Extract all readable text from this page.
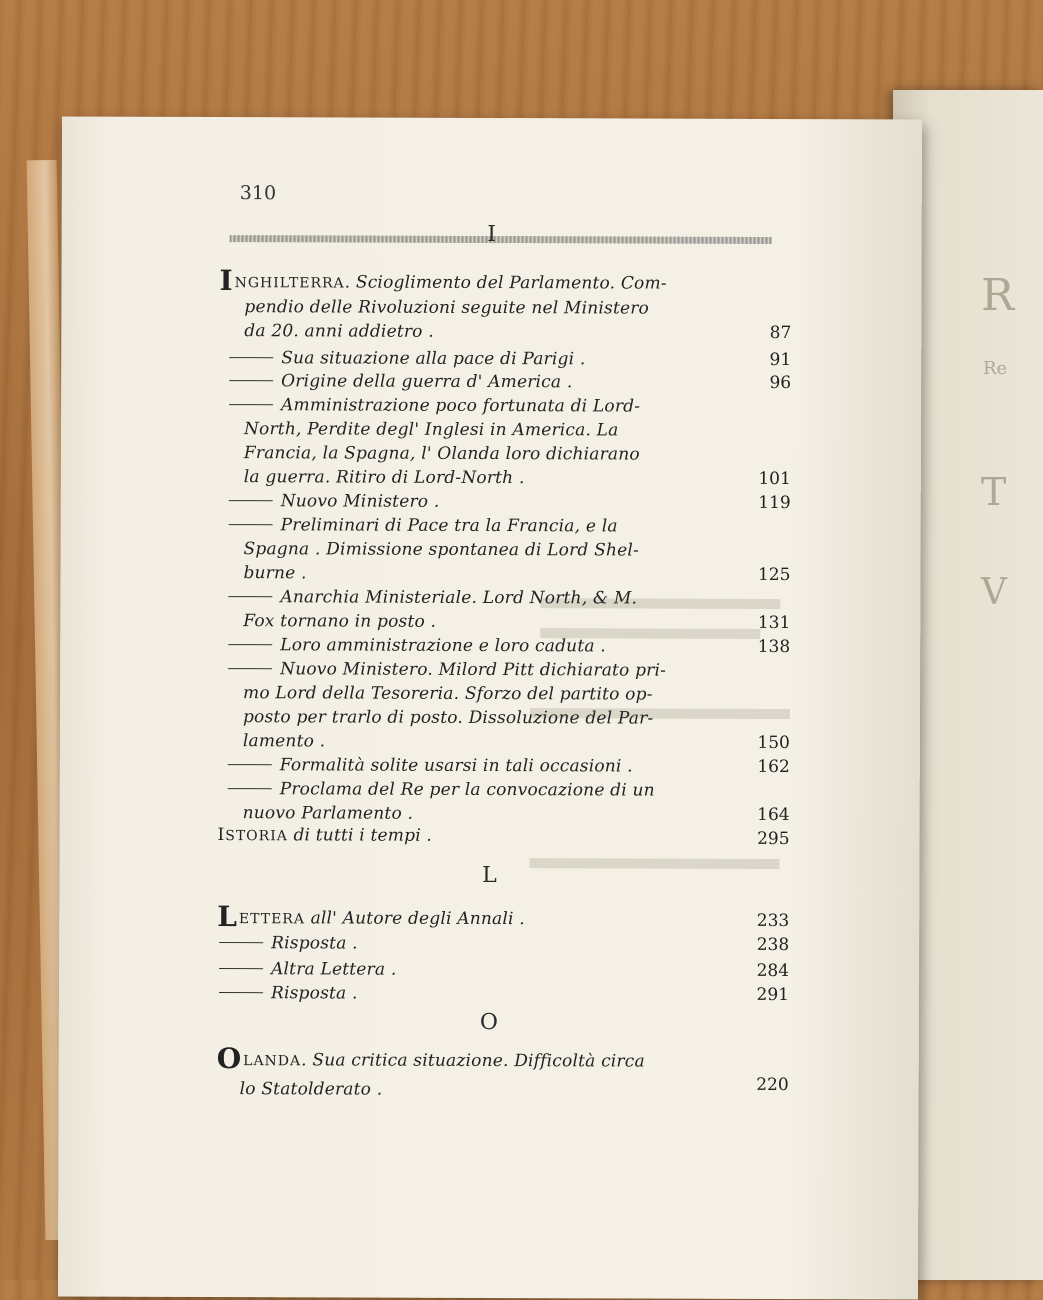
R
Re
T
V
310
I
INGHILTERRA. Scioglimento del Parlamento. Com-
pendio delle Rivoluzioni seguite nel Ministero
da 20. anni addietro .	87
Sua situazione alla pace di Parigi .	91
Origine della guerra d' America .	96
Amministrazione poco fortunata di Lord-
North, Perdite degl' Inglesi in America. La
Francia, la Spagna, l' Olanda loro dichiarano
la guerra. Ritiro di Lord-North .	101
Nuovo Ministero .	119
Preliminari di Pace tra la Francia, e la
Spagna . Dimissione spontanea di Lord Shel-
burne .	125
Anarchia Ministeriale. Lord North, & M.
Fox tornano in posto .	131
Loro amministrazione e loro caduta .	138
Nuovo Ministero. Milord Pitt dichiarato pri-
mo Lord della Tesoreria. Sforzo del partito op-
posto per trarlo di posto. Dissoluzione del Par-
lamento .	150
Formalità solite usarsi in tali occasioni .	162
Proclama del Re per la convocazione di un
nuovo Parlamento .	164
ISTORIA di tutti i tempi .	295
L
LETTERA all' Autore degli Annali .	233
Risposta .	238
Altra Lettera .	284
Risposta .	291
O
OLANDA. Sua critica situazione. Difficoltà circa
lo Statolderato .	220
